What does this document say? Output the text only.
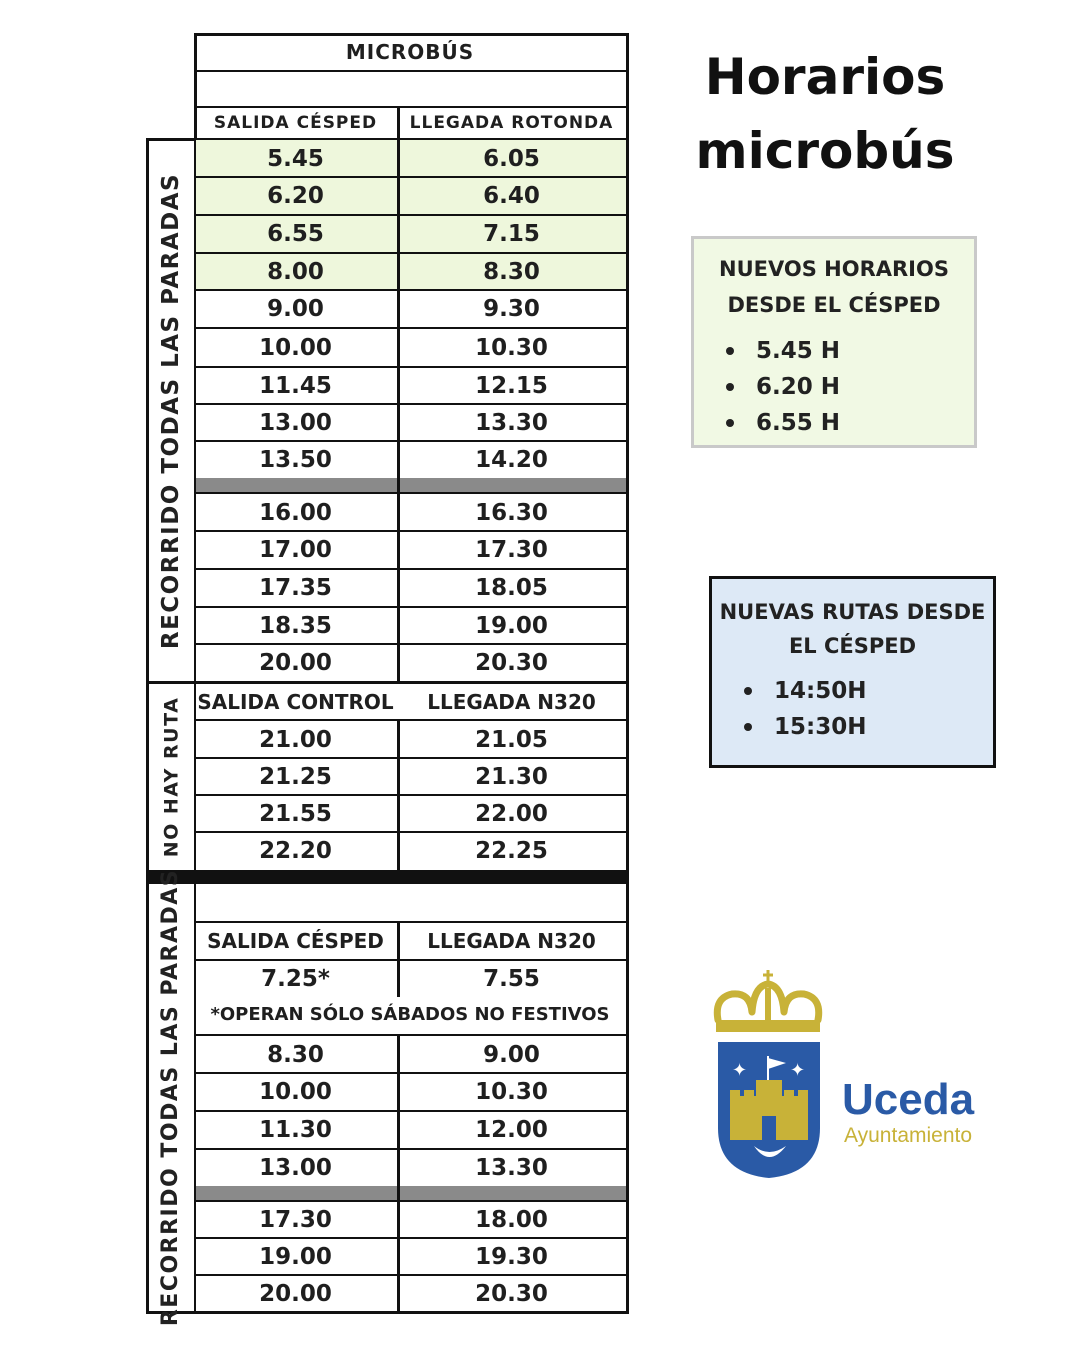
MICROBÚS
SALIDA CÉSPED	LLEGADA ROTONDA
5.45	6.05
6.20	6.40
6.55	7.15
8.00	8.30
9.00	9.30
10.00	10.30
11.45	12.15
13.00	13.30
13.50	14.20
16.00	16.30
17.00	17.30
17.35	18.05
18.35	19.00
20.00	20.30
SALIDA CONTROL	LLEGADA N320
21.00	21.05
21.25	21.30
21.55	22.00
22.20	22.25
SALIDA CÉSPED	LLEGADA N320
7.25*	7.55
*OPERAN SÓLO SÁBADOS NO FESTIVOS
8.30	9.00
10.00	10.30
11.30	12.00
13.00	13.30
17.30	18.00
19.00	19.30
20.00	20.30
RECORRIDO TODAS LAS PARADAS
NO HAY RUTA
RECORRIDO TODAS LAS PARADAS
Horarios
microbús
NUEVOS HORARIOS
DESDE EL CÉSPED
5.45 H
6.20 H
6.55 H
NUEVAS RUTAS DESDE
EL CÉSPED
14:50H
15:30H
✦ ✦
Uceda
Ayuntamiento
